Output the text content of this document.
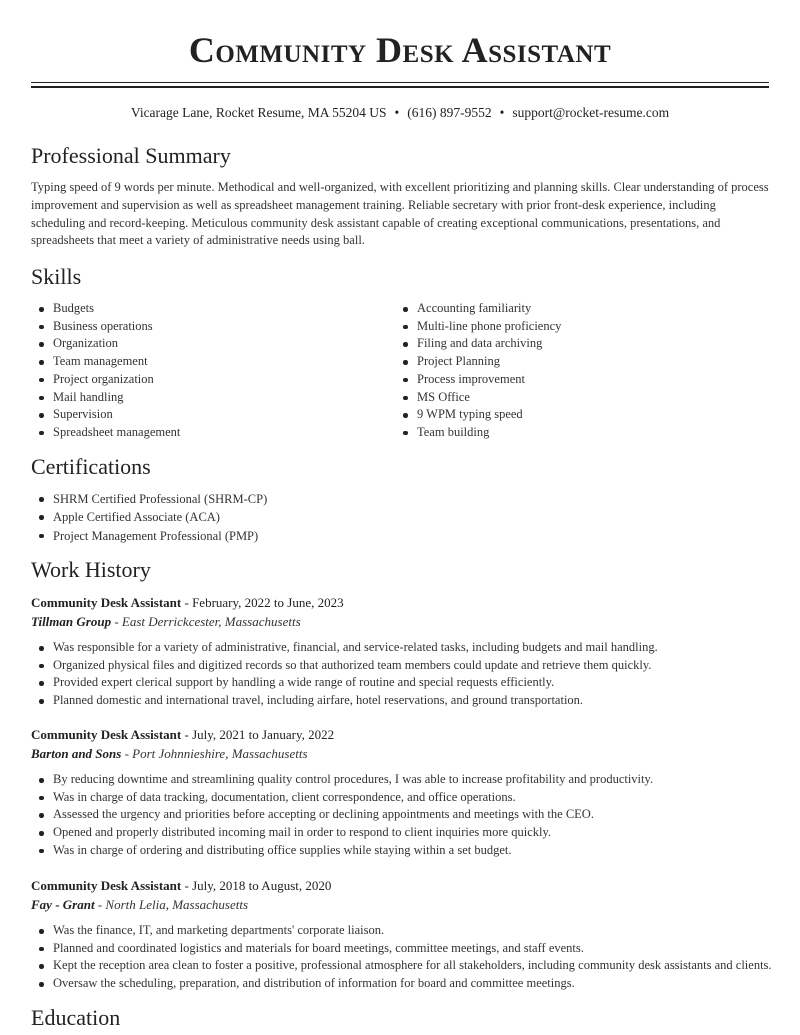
Community Desk Assistant
Vicarage Lane, Rocket Resume, MA 55204 US • (616) 897-9552 • support@rocket-resume.com
Professional Summary
Typing speed of 9 words per minute. Methodical and well-organized, with excellent prioritizing and planning skills. Clear understanding of process improvement and supervision as well as spreadsheet management training. Reliable secretary with prior front-desk experience, including scheduling and record-keeping. Meticulous community desk assistant capable of creating exceptional communications, presentations, and spreadsheets that meet a variety of administrative needs using ball.
Skills
Budgets
Business operations
Organization
Team management
Project organization
Mail handling
Supervision
Spreadsheet management
Accounting familiarity
Multi-line phone proficiency
Filing and data archiving
Project Planning
Process improvement
MS Office
9 WPM typing speed
Team building
Certifications
SHRM Certified Professional (SHRM-CP)
Apple Certified Associate (ACA)
Project Management Professional (PMP)
Work History
Community Desk Assistant - February, 2022 to June, 2023
Tillman Group - East Derrickcester, Massachusetts
Was responsible for a variety of administrative, financial, and service-related tasks, including budgets and mail handling.
Organized physical files and digitized records so that authorized team members could update and retrieve them quickly.
Provided expert clerical support by handling a wide range of routine and special requests efficiently.
Planned domestic and international travel, including airfare, hotel reservations, and ground transportation.
Community Desk Assistant - July, 2021 to January, 2022
Barton and Sons - Port Johnnieshire, Massachusetts
By reducing downtime and streamlining quality control procedures, I was able to increase profitability and productivity.
Was in charge of data tracking, documentation, client correspondence, and office operations.
Assessed the urgency and priorities before accepting or declining appointments and meetings with the CEO.
Opened and properly distributed incoming mail in order to respond to client inquiries more quickly.
Was in charge of ordering and distributing office supplies while staying within a set budget.
Community Desk Assistant - July, 2018 to August, 2020
Fay - Grant - North Lelia, Massachusetts
Was the finance, IT, and marketing departments' corporate liaison.
Planned and coordinated logistics and materials for board meetings, committee meetings, and staff events.
Kept the reception area clean to foster a positive, professional atmosphere for all stakeholders, including community desk assistants and clients.
Oversaw the scheduling, preparation, and distribution of information for board and committee meetings.
Education
